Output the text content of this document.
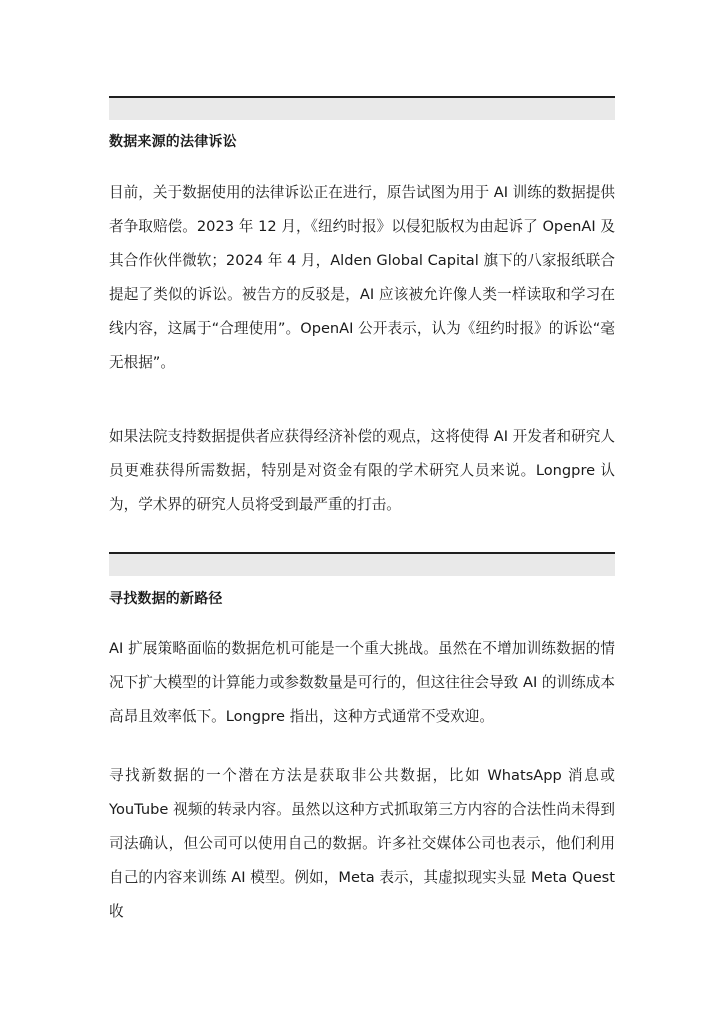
数据来源的法律诉讼

目前，关于数据使用的法律诉讼正在进行，原告试图为用于 AI 训练的数据提供者争取赔偿。2023 年 12 月，《纽约时报》以侵犯版权为由起诉了 OpenAI 及其合作伙伴微软；2024 年 4 月，Alden Global Capital 旗下的八家报纸联合提起了类似的诉讼。被告方的反驳是，AI 应该被允许像人类一样读取和学习在线内容，这属于“合理使用”。OpenAI 公开表示，认为《纽约时报》的诉讼“毫无根据”。

如果法院支持数据提供者应获得经济补偿的观点，这将使得 AI 开发者和研究人员更难获得所需数据，特别是对资金有限的学术研究人员来说。Longpre 认为，学术界的研究人员将受到最严重的打击。

寻找数据的新路径

AI 扩展策略面临的数据危机可能是一个重大挑战。虽然在不增加训练数据的情况下扩大模型的计算能力或参数数量是可行的，但这往往会导致 AI 的训练成本高昂且效率低下。Longpre 指出，这种方式通常不受欢迎。

寻找新数据的一个潜在方法是获取非公共数据，比如 WhatsApp 消息或 YouTube 视频的转录内容。虽然以这种方式抓取第三方内容的合法性尚未得到司法确认，但公司可以使用自己的数据。许多社交媒体公司也表示，他们利用自己的内容来训练 AI 模型。例如，Meta 表示，其虚拟现实头显 Meta Quest 收
